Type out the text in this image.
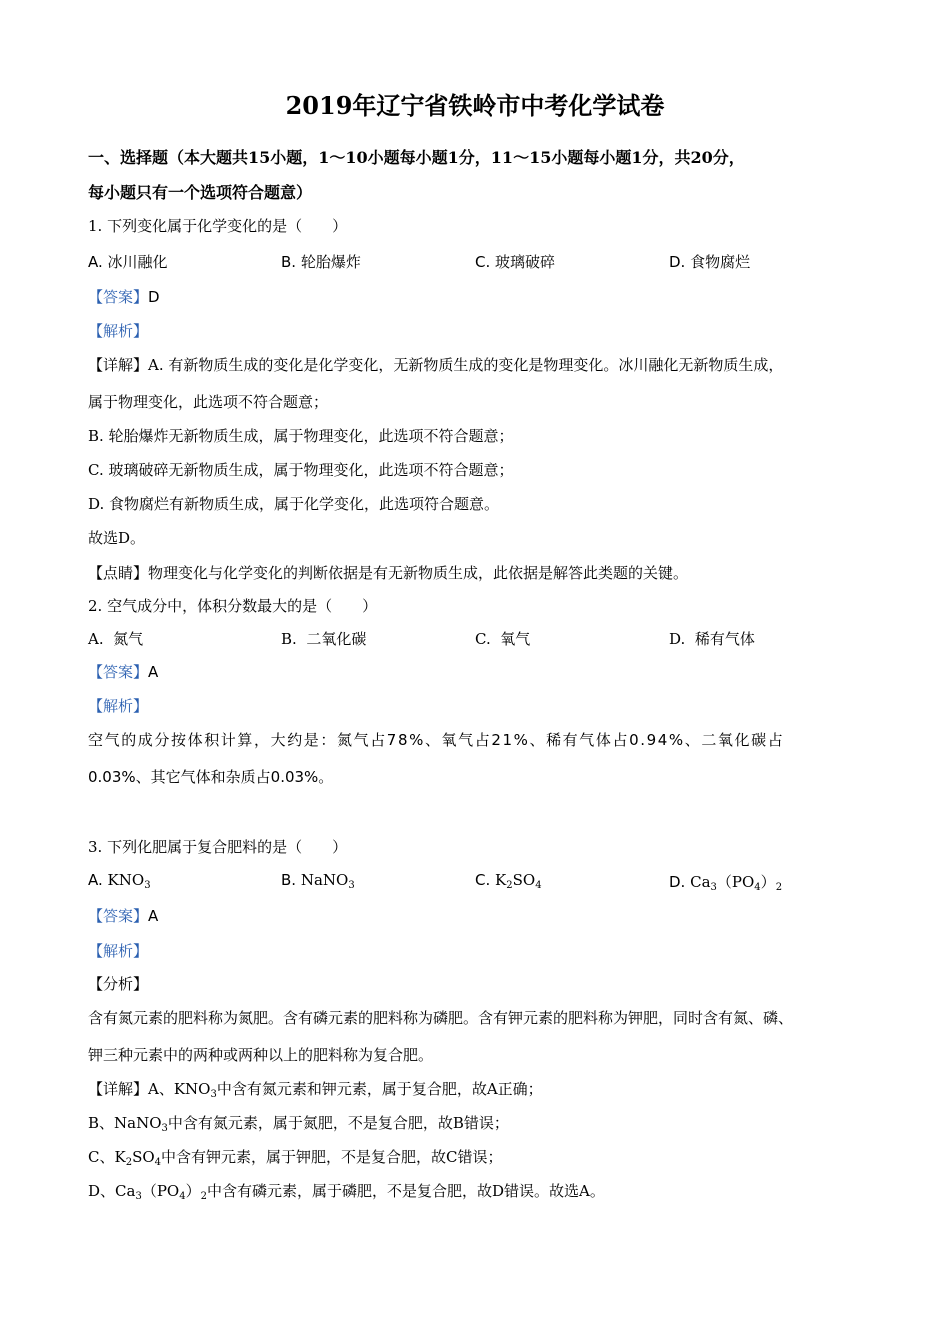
2019年辽宁省铁岭市中考化学试卷
一、选择题（本大题共15小题，1～10小题每小题1分，11～15小题每小题1分，共20分，
每小题只有一个选项符合题意）
1. 下列变化属于化学变化的是（　　）
A. 冰川融化	B. 轮胎爆炸	C. 玻璃破碎	D. 食物腐烂
【答案】D
【解析】
【详解】A. 有新物质生成的变化是化学变化，无新物质生成的变化是物理变化。冰川融化无新物质生成，
属于物理变化，此选项不符合题意；
B. 轮胎爆炸无新物质生成，属于物理变化，此选项不符合题意；
C. 玻璃破碎无新物质生成，属于物理变化，此选项不符合题意；
D. 食物腐烂有新物质生成，属于化学变化，此选项符合题意。
故选D。
【点睛】物理变化与化学变化的判断依据是有无新物质生成，此依据是解答此类题的关键。
2. 空气成分中，体积分数最大的是（　　）
A. 氮气	B. 二氧化碳	C. 氧气	D. 稀有气体
【答案】A
【解析】
空气的成分按体积计算，大约是：氮气占78%、氧气占21%、稀有气体占0.94%、二氧化碳占
0.03%、其它气体和杂质占0.03%。
3. 下列化肥属于复合肥料的是（　　）
A. $KNO_3$	B. NaNO$_3$	C. $K_2SO_4$	D. $Ca_3(PO_4)_2$
【答案】A
【解析】
【分析】
含有氮元素的肥料称为氮肥。含有磷元素的肥料称为磷肥。含有钾元素的肥料称为钾肥，同时含有氮、磷、
钾三种元素中的两种或两种以上的肥料称为复合肥。
【详解】A、$KNO_3$中含有氮元素和钾元素，属于复合肥，故A正确；
B、NaNO$_3$中含有氮元素，属于氮肥，不是复合肥，故B错误；
C、$K_2SO_4$中含有钾元素，属于钾肥，不是复合肥，故C错误；
D、$Ca_3(PO_4)_2$中含有磷元素，属于磷肥，不是复合肥，故D错误。故选A。
